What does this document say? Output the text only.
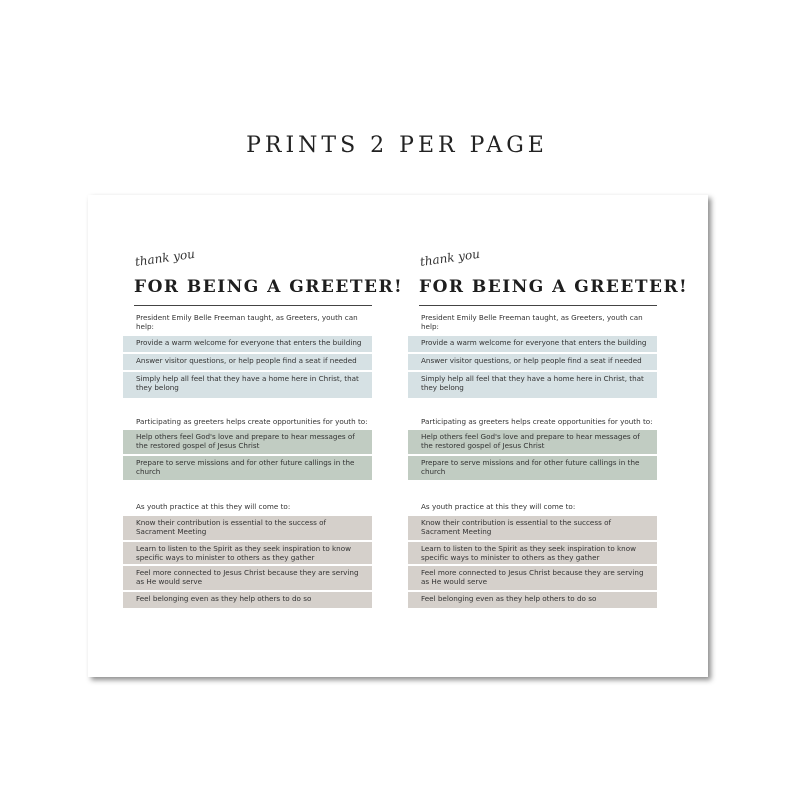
PRINTS 2 PER PAGE
thank you
FOR BEING A GREETER!
President Emily Belle Freeman taught, as Greeters, youth can help:
Provide a warm welcome for everyone that enters the building
Answer visitor questions, or help people find a seat if needed
Simply help all feel that they have a home here in Christ, that they belong
Participating as greeters helps create opportunities for youth to:
Help others feel God's love and prepare to hear messages of the restored gospel of Jesus Christ
Prepare to serve missions and for other future callings in the church
As youth practice at this they will come to:
Know their contribution is essential to the success of Sacrament Meeting
Learn to listen to the Spirit as they seek inspiration to know specific ways to minister to others as they gather
Feel more connected to Jesus Christ because they are serving as He would serve
Feel belonging even as they help others to do so
thank you
FOR BEING A GREETER!
President Emily Belle Freeman taught, as Greeters, youth can help:
Provide a warm welcome for everyone that enters the building
Answer visitor questions, or help people find a seat if needed
Simply help all feel that they have a home here in Christ, that they belong
Participating as greeters helps create opportunities for youth to:
Help others feel God's love and prepare to hear messages of the restored gospel of Jesus Christ
Prepare to serve missions and for other future callings in the church
As youth practice at this they will come to:
Know their contribution is essential to the success of Sacrament Meeting
Learn to listen to the Spirit as they seek inspiration to know specific ways to minister to others as they gather
Feel more connected to Jesus Christ because they are serving as He would serve
Feel belonging even as they help others to do so
